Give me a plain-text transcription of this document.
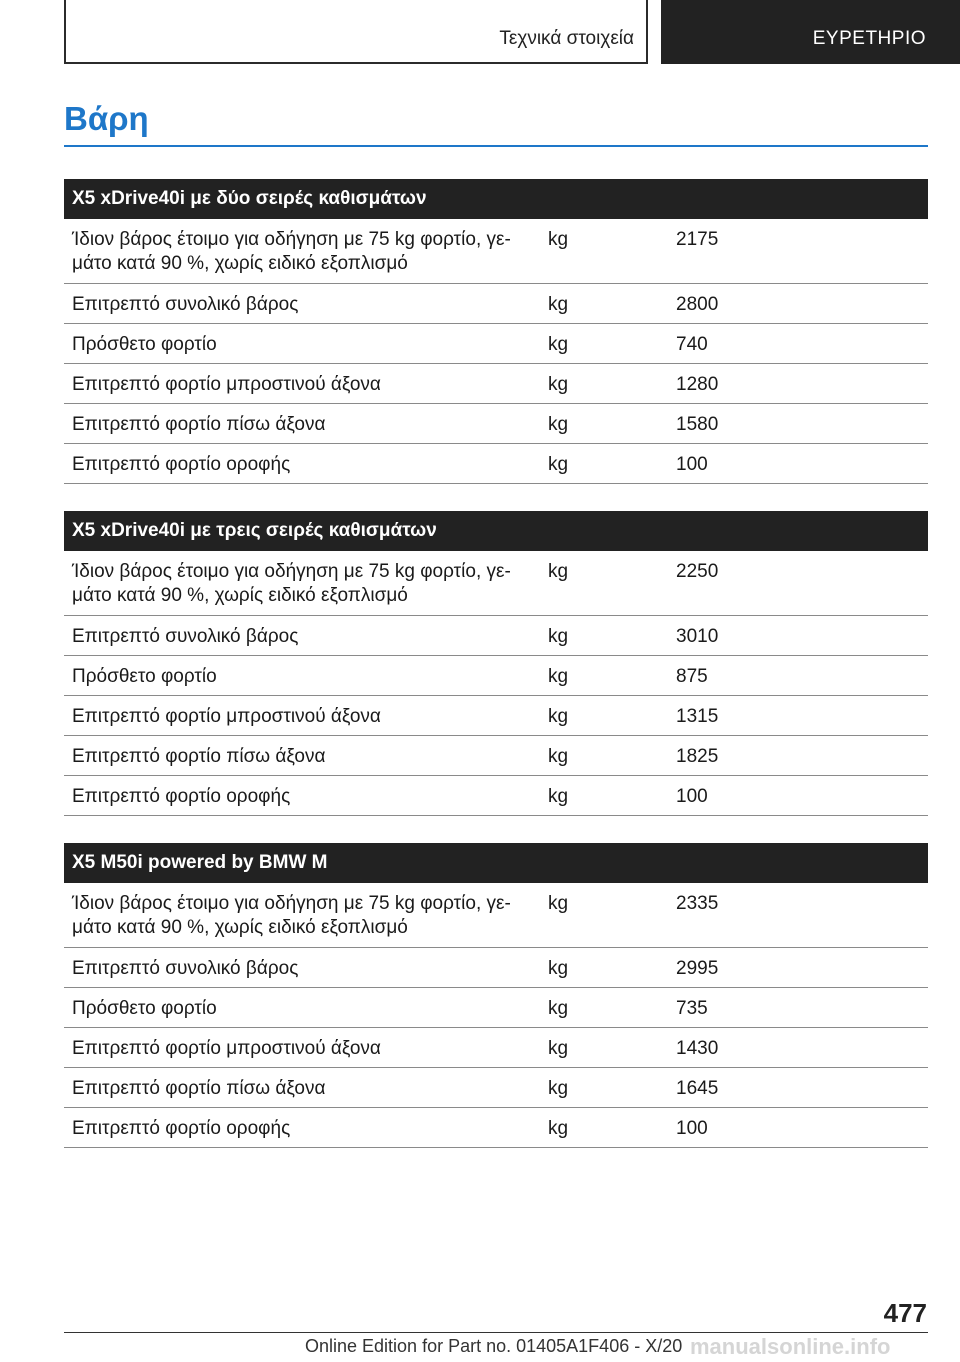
Τεχνικά στοιχεία	ΕΥΡΕΤΗΡΙΟ
Βάρη
X5 xDrive40i με δύο σειρές καθισμάτων
Ίδιον βάρος έτοιμο για οδήγηση με 75 kg φορτίο, γε‐μάτο κατά 90 %, χωρίς ειδικό εξοπλισμό
kg	2175
Επιτρεπτό συνολικό βάρος	kg	2800
Πρόσθετο φορτίο	kg	740
Επιτρεπτό φορτίο μπροστινού άξονα	kg	1280
Επιτρεπτό φορτίο πίσω άξονα	kg	1580
Επιτρεπτό φορτίο οροφής	kg	100
X5 xDrive40i με τρεις σειρές καθισμάτων
Ίδιον βάρος έτοιμο για οδήγηση με 75 kg φορτίο, γε‐μάτο κατά 90 %, χωρίς ειδικό εξοπλισμό
kg	2250
Επιτρεπτό συνολικό βάρος	kg	3010
Πρόσθετο φορτίο	kg	875
Επιτρεπτό φορτίο μπροστινού άξονα	kg	1315
Επιτρεπτό φορτίο πίσω άξονα	kg	1825
Επιτρεπτό φορτίο οροφής	kg	100
X5 M50i powered by BMW M
Ίδιον βάρος έτοιμο για οδήγηση με 75 kg φορτίο, γε‐μάτο κατά 90 %, χωρίς ειδικό εξοπλισμό
kg	2335
Επιτρεπτό συνολικό βάρος	kg	2995
Πρόσθετο φορτίο	kg	735
Επιτρεπτό φορτίο μπροστινού άξονα	kg	1430
Επιτρεπτό φορτίο πίσω άξονα	kg	1645
Επιτρεπτό φορτίο οροφής	kg	100
477
Online Edition for Part no. 01405A1F406 - X/20 manualsonline.info
